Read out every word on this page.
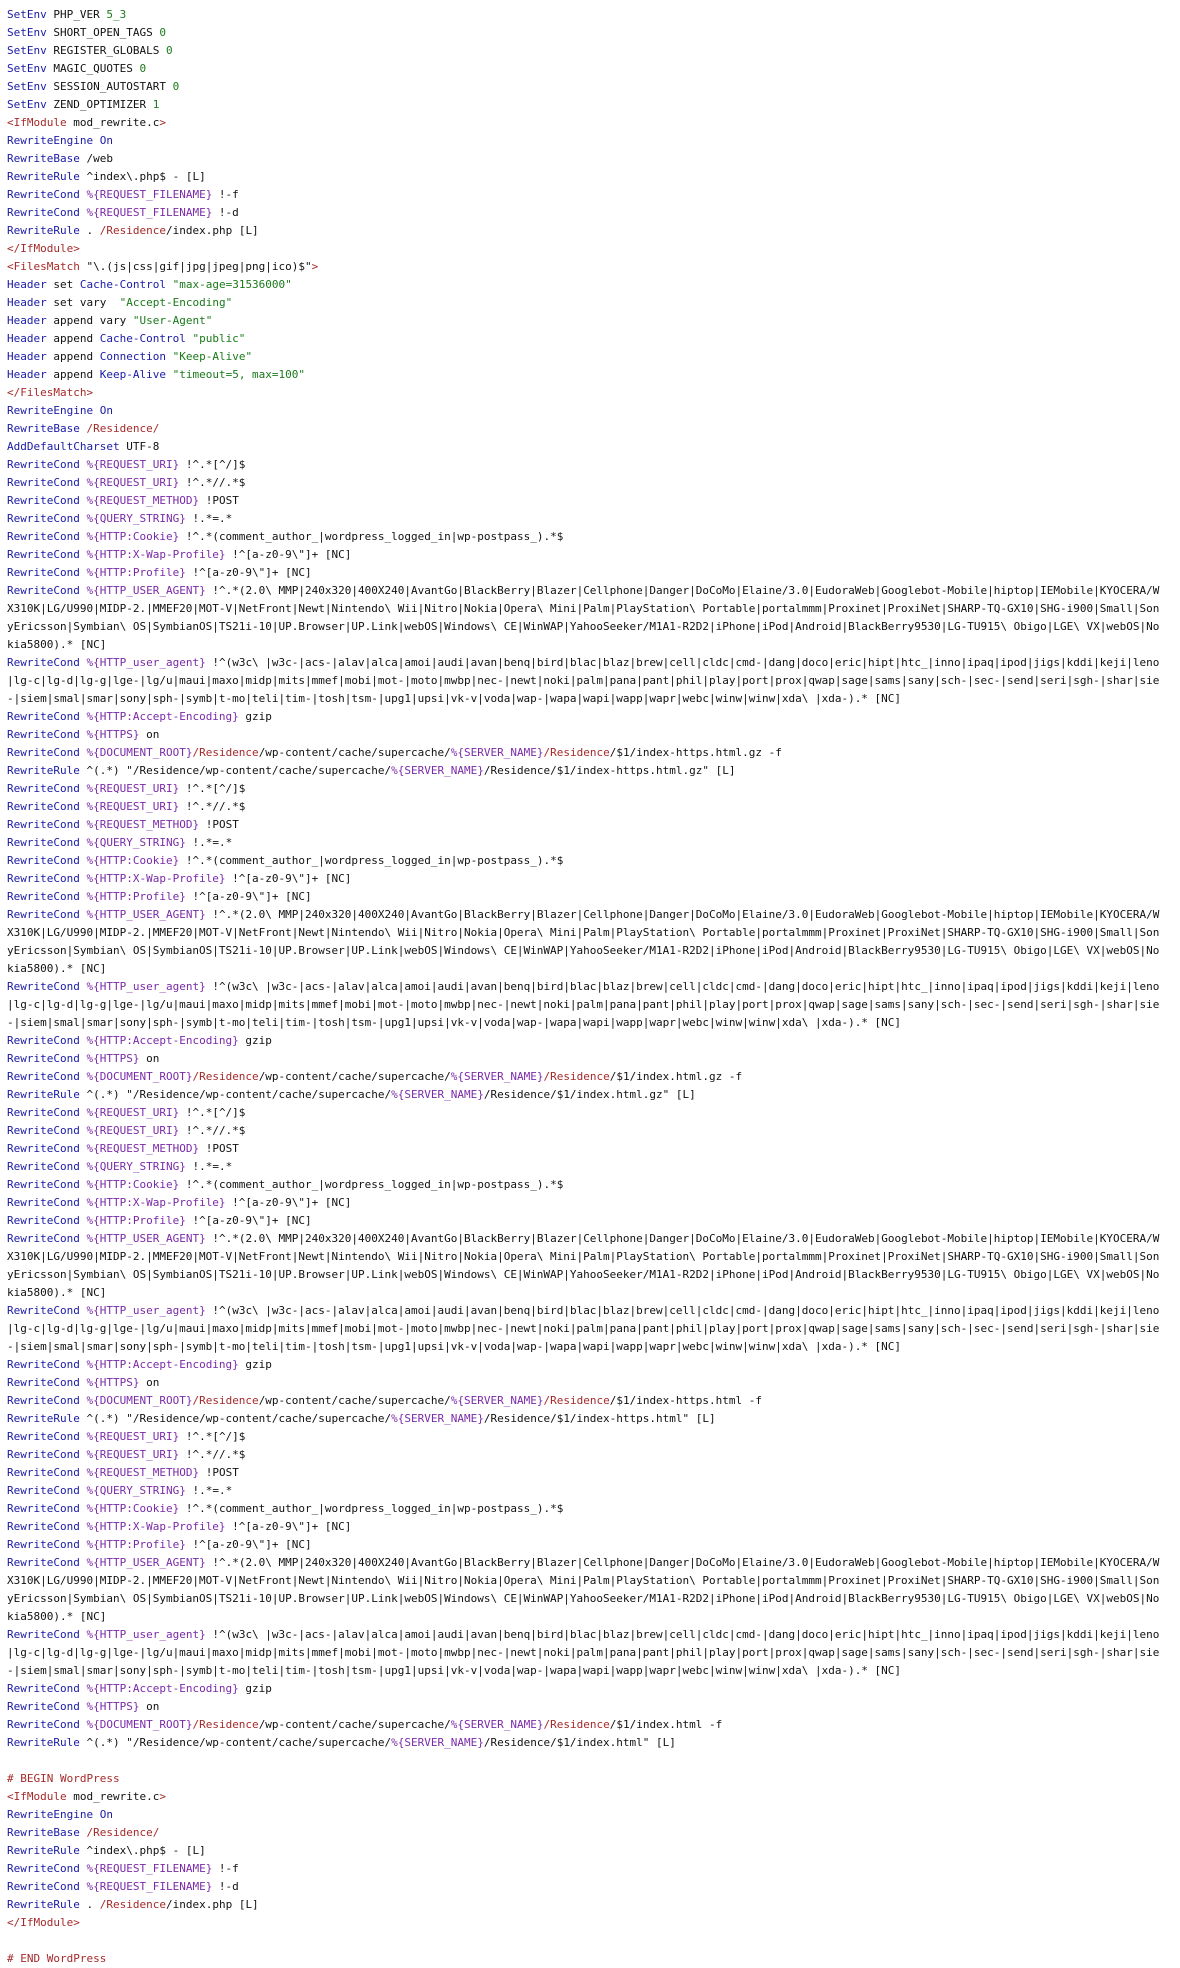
SetEnv PHP_VER 5_3
SetEnv SHORT_OPEN_TAGS 0
SetEnv REGISTER_GLOBALS 0
SetEnv MAGIC_QUOTES 0
SetEnv SESSION_AUTOSTART 0
SetEnv ZEND_OPTIMIZER 1
<IfModule mod_rewrite.c>
RewriteEngine On
RewriteBase /web
RewriteRule ^index\.php$ - [L]
RewriteCond %{REQUEST_FILENAME} !-f
RewriteCond %{REQUEST_FILENAME} !-d
RewriteRule . /Residence/index.php [L]
</IfModule>
<FilesMatch "\.(js|css|gif|jpg|jpeg|png|ico)$">
Header set Cache-Control "max-age=31536000"
Header set vary  "Accept-Encoding"
Header append vary "User-Agent"
Header append Cache-Control "public"
Header append Connection "Keep-Alive"
Header append Keep-Alive "timeout=5, max=100"
</FilesMatch>
RewriteEngine On
RewriteBase /Residence/
AddDefaultCharset UTF-8
RewriteCond %{REQUEST_URI} !^.*[^/]$
RewriteCond %{REQUEST_URI} !^.*//.*$
RewriteCond %{REQUEST_METHOD} !POST
RewriteCond %{QUERY_STRING} !.*=.*
RewriteCond %{HTTP:Cookie} !^.*(comment_author_|wordpress_logged_in|wp-postpass_).*$
RewriteCond %{HTTP:X-Wap-Profile} !^[a-z0-9\"]+ [NC]
RewriteCond %{HTTP:Profile} !^[a-z0-9\"]+ [NC]
RewriteCond %{HTTP_USER_AGENT} !^.*(2.0\ MMP|240x320|400X240|AvantGo|BlackBerry|Blazer|Cellphone|Danger|DoCoMo|Elaine/3.0|EudoraWeb|Googlebot-Mobile|hiptop|IEMobile|KYOCERA/WX310K|LG/U990|MIDP-2.|MMEF20|MOT-V|NetFront|Newt|Nintendo\ Wii|Nitro|Nokia|Opera\ Mini|Palm|PlayStation\ Portable|portalmmm|Proxinet|ProxiNet|SHARP-TQ-GX10|SHG-i900|Small|SonyEricsson|Symbian\ OS|SymbianOS|TS21i-10|UP.Browser|UP.Link|webOS|Windows\ CE|WinWAP|YahooSeeker/M1A1-R2D2|iPhone|iPod|Android|BlackBerry9530|LG-TU915\ Obigo|LGE\ VX|webOS|Nokia5800).* [NC]
RewriteCond %{HTTP_user_agent} !^(w3c\ |w3c-|acs-|alav|alca|amoi|audi|avan|benq|bird|blac|blaz|brew|cell|cldc|cmd-|dang|doco|eric|hipt|htc_|inno|ipaq|ipod|jigs|kddi|keji|leno|lg-c|lg-d|lg-g|lge-|lg/u|maui|maxo|midp|mits|mmef|mobi|mot-|moto|mwbp|nec-|newt|noki|palm|pana|pant|phil|play|port|prox|qwap|sage|sams|sany|sch-|sec-|send|seri|sgh-|shar|sie-|siem|smal|smar|sony|sph-|symb|t-mo|teli|tim-|tosh|tsm-|upg1|upsi|vk-v|voda|wap-|wapa|wapi|wapp|wapr|webc|winw|winw|xda\ |xda-).* [NC]
RewriteCond %{HTTP:Accept-Encoding} gzip
RewriteCond %{HTTPS} on
RewriteCond %{DOCUMENT_ROOT}/Residence/wp-content/cache/supercache/%{SERVER_NAME}/Residence/$1/index-https.html.gz -f
RewriteRule ^(.*) "/Residence/wp-content/cache/supercache/%{SERVER_NAME}/Residence/$1/index-https.html.gz" [L]
RewriteCond %{REQUEST_URI} !^.*[^/]$
RewriteCond %{REQUEST_URI} !^.*//.*$
RewriteCond %{REQUEST_METHOD} !POST
RewriteCond %{QUERY_STRING} !.*=.*
RewriteCond %{HTTP:Cookie} !^.*(comment_author_|wordpress_logged_in|wp-postpass_).*$
RewriteCond %{HTTP:X-Wap-Profile} !^[a-z0-9\"]+ [NC]
RewriteCond %{HTTP:Profile} !^[a-z0-9\"]+ [NC]
RewriteCond %{HTTP_USER_AGENT} !^.*(2.0\ MMP|240x320|400X240|AvantGo|BlackBerry|Blazer|Cellphone|Danger|DoCoMo|Elaine/3.0|EudoraWeb|Googlebot-Mobile|hiptop|IEMobile|KYOCERA/WX310K|LG/U990|MIDP-2.|MMEF20|MOT-V|NetFront|Newt|Nintendo\ Wii|Nitro|Nokia|Opera\ Mini|Palm|PlayStation\ Portable|portalmmm|Proxinet|ProxiNet|SHARP-TQ-GX10|SHG-i900|Small|SonyEricsson|Symbian\ OS|SymbianOS|TS21i-10|UP.Browser|UP.Link|webOS|Windows\ CE|WinWAP|YahooSeeker/M1A1-R2D2|iPhone|iPod|Android|BlackBerry9530|LG-TU915\ Obigo|LGE\ VX|webOS|Nokia5800).* [NC]
RewriteCond %{HTTP_user_agent} !^(w3c\ |w3c-|acs-|alav|alca|amoi|audi|avan|benq|bird|blac|blaz|brew|cell|cldc|cmd-|dang|doco|eric|hipt|htc_|inno|ipaq|ipod|jigs|kddi|keji|leno|lg-c|lg-d|lg-g|lge-|lg/u|maui|maxo|midp|mits|mmef|mobi|mot-|moto|mwbp|nec-|newt|noki|palm|pana|pant|phil|play|port|prox|qwap|sage|sams|sany|sch-|sec-|send|seri|sgh-|shar|sie-|siem|smal|smar|sony|sph-|symb|t-mo|teli|tim-|tosh|tsm-|upg1|upsi|vk-v|voda|wap-|wapa|wapi|wapp|wapr|webc|winw|winw|xda\ |xda-).* [NC]
RewriteCond %{HTTP:Accept-Encoding} gzip
RewriteCond %{HTTPS} on
RewriteCond %{DOCUMENT_ROOT}/Residence/wp-content/cache/supercache/%{SERVER_NAME}/Residence/$1/index.html.gz -f
RewriteRule ^(.*) "/Residence/wp-content/cache/supercache/%{SERVER_NAME}/Residence/$1/index.html.gz" [L]
RewriteCond %{REQUEST_URI} !^.*[^/]$
RewriteCond %{REQUEST_URI} !^.*//.*$
RewriteCond %{REQUEST_METHOD} !POST
RewriteCond %{QUERY_STRING} !.*=.*
RewriteCond %{HTTP:Cookie} !^.*(comment_author_|wordpress_logged_in|wp-postpass_).*$
RewriteCond %{HTTP:X-Wap-Profile} !^[a-z0-9\"]+ [NC]
RewriteCond %{HTTP:Profile} !^[a-z0-9\"]+ [NC]
RewriteCond %{HTTP_USER_AGENT} !^.*(2.0\ MMP|240x320|400X240|AvantGo|BlackBerry|Blazer|Cellphone|Danger|DoCoMo|Elaine/3.0|EudoraWeb|Googlebot-Mobile|hiptop|IEMobile|KYOCERA/WX310K|LG/U990|MIDP-2.|MMEF20|MOT-V|NetFront|Newt|Nintendo\ Wii|Nitro|Nokia|Opera\ Mini|Palm|PlayStation\ Portable|portalmmm|Proxinet|ProxiNet|SHARP-TQ-GX10|SHG-i900|Small|SonyEricsson|Symbian\ OS|SymbianOS|TS21i-10|UP.Browser|UP.Link|webOS|Windows\ CE|WinWAP|YahooSeeker/M1A1-R2D2|iPhone|iPod|Android|BlackBerry9530|LG-TU915\ Obigo|LGE\ VX|webOS|Nokia5800).* [NC]
RewriteCond %{HTTP_user_agent} !^(w3c\ |w3c-|acs-|alav|alca|amoi|audi|avan|benq|bird|blac|blaz|brew|cell|cldc|cmd-|dang|doco|eric|hipt|htc_|inno|ipaq|ipod|jigs|kddi|keji|leno|lg-c|lg-d|lg-g|lge-|lg/u|maui|maxo|midp|mits|mmef|mobi|mot-|moto|mwbp|nec-|newt|noki|palm|pana|pant|phil|play|port|prox|qwap|sage|sams|sany|sch-|sec-|send|seri|sgh-|shar|sie-|siem|smal|smar|sony|sph-|symb|t-mo|teli|tim-|tosh|tsm-|upg1|upsi|vk-v|voda|wap-|wapa|wapi|wapp|wapr|webc|winw|winw|xda\ |xda-).* [NC]
RewriteCond %{HTTP:Accept-Encoding} gzip
RewriteCond %{HTTPS} on
RewriteCond %{DOCUMENT_ROOT}/Residence/wp-content/cache/supercache/%{SERVER_NAME}/Residence/$1/index-https.html -f
RewriteRule ^(.*) "/Residence/wp-content/cache/supercache/%{SERVER_NAME}/Residence/$1/index-https.html" [L]
RewriteCond %{REQUEST_URI} !^.*[^/]$
RewriteCond %{REQUEST_URI} !^.*//.*$
RewriteCond %{REQUEST_METHOD} !POST
RewriteCond %{QUERY_STRING} !.*=.*
RewriteCond %{HTTP:Cookie} !^.*(comment_author_|wordpress_logged_in|wp-postpass_).*$
RewriteCond %{HTTP:X-Wap-Profile} !^[a-z0-9\"]+ [NC]
RewriteCond %{HTTP:Profile} !^[a-z0-9\"]+ [NC]
RewriteCond %{HTTP_USER_AGENT} !^.*(2.0\ MMP|240x320|400X240|AvantGo|BlackBerry|Blazer|Cellphone|Danger|DoCoMo|Elaine/3.0|EudoraWeb|Googlebot-Mobile|hiptop|IEMobile|KYOCERA/WX310K|LG/U990|MIDP-2.|MMEF20|MOT-V|NetFront|Newt|Nintendo\ Wii|Nitro|Nokia|Opera\ Mini|Palm|PlayStation\ Portable|portalmmm|Proxinet|ProxiNet|SHARP-TQ-GX10|SHG-i900|Small|SonyEricsson|Symbian\ OS|SymbianOS|TS21i-10|UP.Browser|UP.Link|webOS|Windows\ CE|WinWAP|YahooSeeker/M1A1-R2D2|iPhone|iPod|Android|BlackBerry9530|LG-TU915\ Obigo|LGE\ VX|webOS|Nokia5800).* [NC]
RewriteCond %{HTTP_user_agent} !^(w3c\ |w3c-|acs-|alav|alca|amoi|audi|avan|benq|bird|blac|blaz|brew|cell|cldc|cmd-|dang|doco|eric|hipt|htc_|inno|ipaq|ipod|jigs|kddi|keji|leno|lg-c|lg-d|lg-g|lge-|lg/u|maui|maxo|midp|mits|mmef|mobi|mot-|moto|mwbp|nec-|newt|noki|palm|pana|pant|phil|play|port|prox|qwap|sage|sams|sany|sch-|sec-|send|seri|sgh-|shar|sie-|siem|smal|smar|sony|sph-|symb|t-mo|teli|tim-|tosh|tsm-|upg1|upsi|vk-v|voda|wap-|wapa|wapi|wapp|wapr|webc|winw|winw|xda\ |xda-).* [NC]
RewriteCond %{HTTP:Accept-Encoding} gzip
RewriteCond %{HTTPS} on
RewriteCond %{DOCUMENT_ROOT}/Residence/wp-content/cache/supercache/%{SERVER_NAME}/Residence/$1/index.html -f
RewriteRule ^(.*) "/Residence/wp-content/cache/supercache/%{SERVER_NAME}/Residence/$1/index.html" [L]
# BEGIN WordPress
<IfModule mod_rewrite.c>
RewriteEngine On
RewriteBase /Residence/
RewriteRule ^index\.php$ - [L]
RewriteCond %{REQUEST_FILENAME} !-f
RewriteCond %{REQUEST_FILENAME} !-d
RewriteRule . /Residence/index.php [L]
</IfModule>
# END WordPress
